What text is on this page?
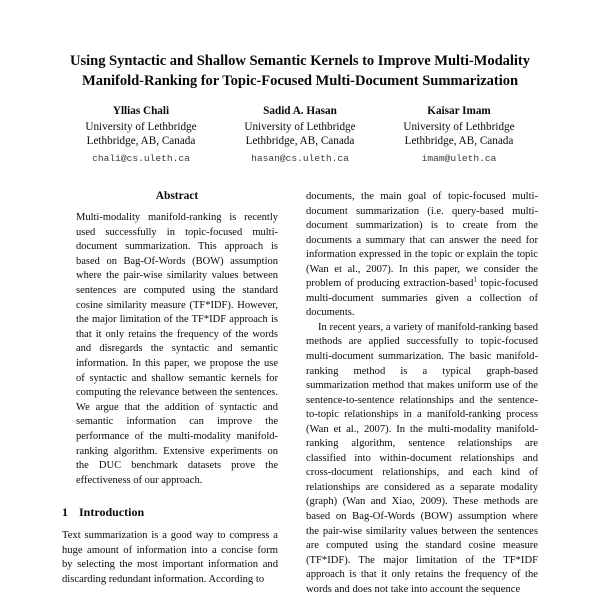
Using Syntactic and Shallow Semantic Kernels to Improve Multi-Modality
Manifold-Ranking for Topic-Focused Multi-Document Summarization
Yllias Chali
University of Lethbridge
Lethbridge, AB, Canada
chali@cs.uleth.ca
Sadid A. Hasan
University of Lethbridge
Lethbridge, AB, Canada
hasan@cs.uleth.ca
Kaisar Imam
University of Lethbridge
Lethbridge, AB, Canada
imam@uleth.ca
Abstract
Multi-modality manifold-ranking is recently used successfully in topic-focused multi-document summarization. This approach is based on Bag-Of-Words (BOW) assumption where the pair-wise similarity values between sentences are computed using the standard cosine similarity measure (TF*IDF). However, the major limitation of the TF*IDF approach is that it only retains the frequency of the words and disregards the syntactic and semantic information. In this paper, we propose the use of syntactic and shallow semantic kernels for computing the relevance between the sentences. We argue that the addition of syntactic and semantic information can improve the performance of the multi-modality manifold-ranking algorithm. Extensive experiments on the DUC benchmark datasets prove the effectiveness of our approach.
1 Introduction
Text summarization is a good way to compress a huge amount of information into a concise form by selecting the most important information and discarding redundant information. According to
documents, the main goal of topic-focused multi-document summarization (i.e. query-based multi-document summarization) is to create from the documents a summary that can answer the need for information expressed in the topic or explain the topic (Wan et al., 2007). In this paper, we consider the problem of producing extraction-based$^1$ topic-focused multi-document summaries given a collection of documents.
In recent years, a variety of manifold-ranking based methods are applied successfully to topic-focused multi-document summarization. The basic manifold-ranking method is a typical graph-based summarization method that makes uniform use of the sentence-to-sentence relationships and the sentence-to-topic relationships in a manifold-ranking process (Wan et al., 2007). In the multi-modality manifold-ranking algorithm, sentence relationships are classified into within-document relationships and cross-document relationships, and each kind of relationships are considered as a separate modality (graph) (Wan and Xiao, 2009). These methods are based on Bag-Of-Words (BOW) assumption where the pair-wise similarity values between the sentences are computed using the standard cosine measure (TF*IDF). The major limitation of the TF*IDF approach is that it only retains the frequency of the words and does not take into account the sequence
